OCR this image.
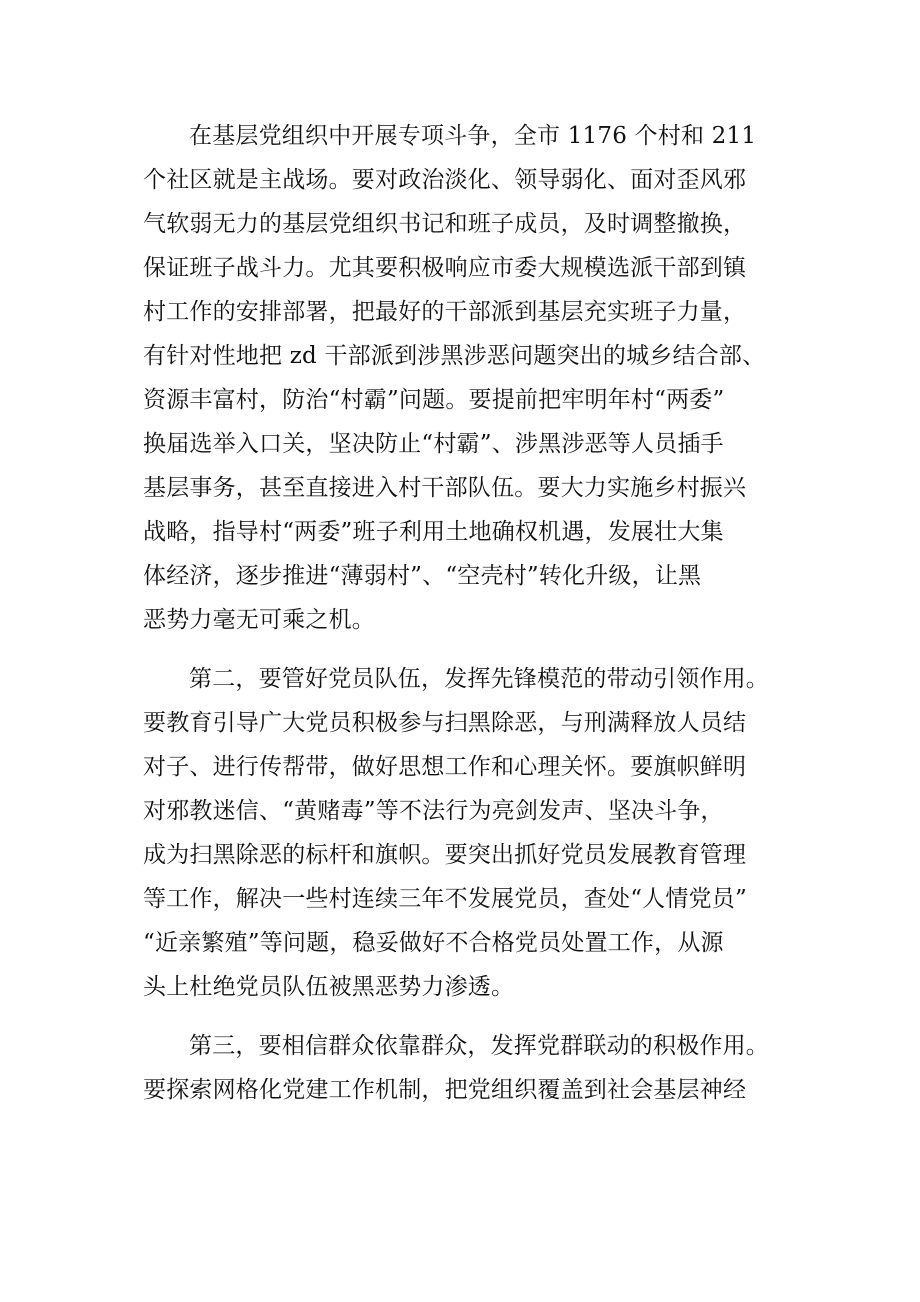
在基层党组织中开展专项斗争，全市 1176 个村和 211
个社区就是主战场。要对政治淡化、领导弱化、面对歪风邪
气软弱无力的基层党组织书记和班子成员，及时调整撤换，
保证班子战斗力。尤其要积极响应市委大规模选派干部到镇
村工作的安排部署，把最好的干部派到基层充实班子力量，
有针对性地把 zd 干部派到涉黑涉恶问题突出的城乡结合部、
资源丰富村，防治“村霸”问题。要提前把牢明年村“两委”
换届选举入口关，坚决防止“村霸”、涉黑涉恶等人员插手
基层事务，甚至直接进入村干部队伍。要大力实施乡村振兴
战略，指导村“两委”班子利用土地确权机遇，发展壮大集
体经济，逐步推进“薄弱村”、“空壳村”转化升级，让黑
恶势力毫无可乘之机。

第二，要管好党员队伍，发挥先锋模范的带动引领作用。
要教育引导广大党员积极参与扫黑除恶，与刑满释放人员结
对子、进行传帮带，做好思想工作和心理关怀。要旗帜鲜明
对邪教迷信、“黄赌毒”等不法行为亮剑发声、坚决斗争，
成为扫黑除恶的标杆和旗帜。要突出抓好党员发展教育管理
等工作，解决一些村连续三年不发展党员，查处“人情党员”
“近亲繁殖”等问题，稳妥做好不合格党员处置工作，从源
头上杜绝党员队伍被黑恶势力渗透。

第三，要相信群众依靠群众，发挥党群联动的积极作用。
要探索网格化党建工作机制，把党组织覆盖到社会基层神经
